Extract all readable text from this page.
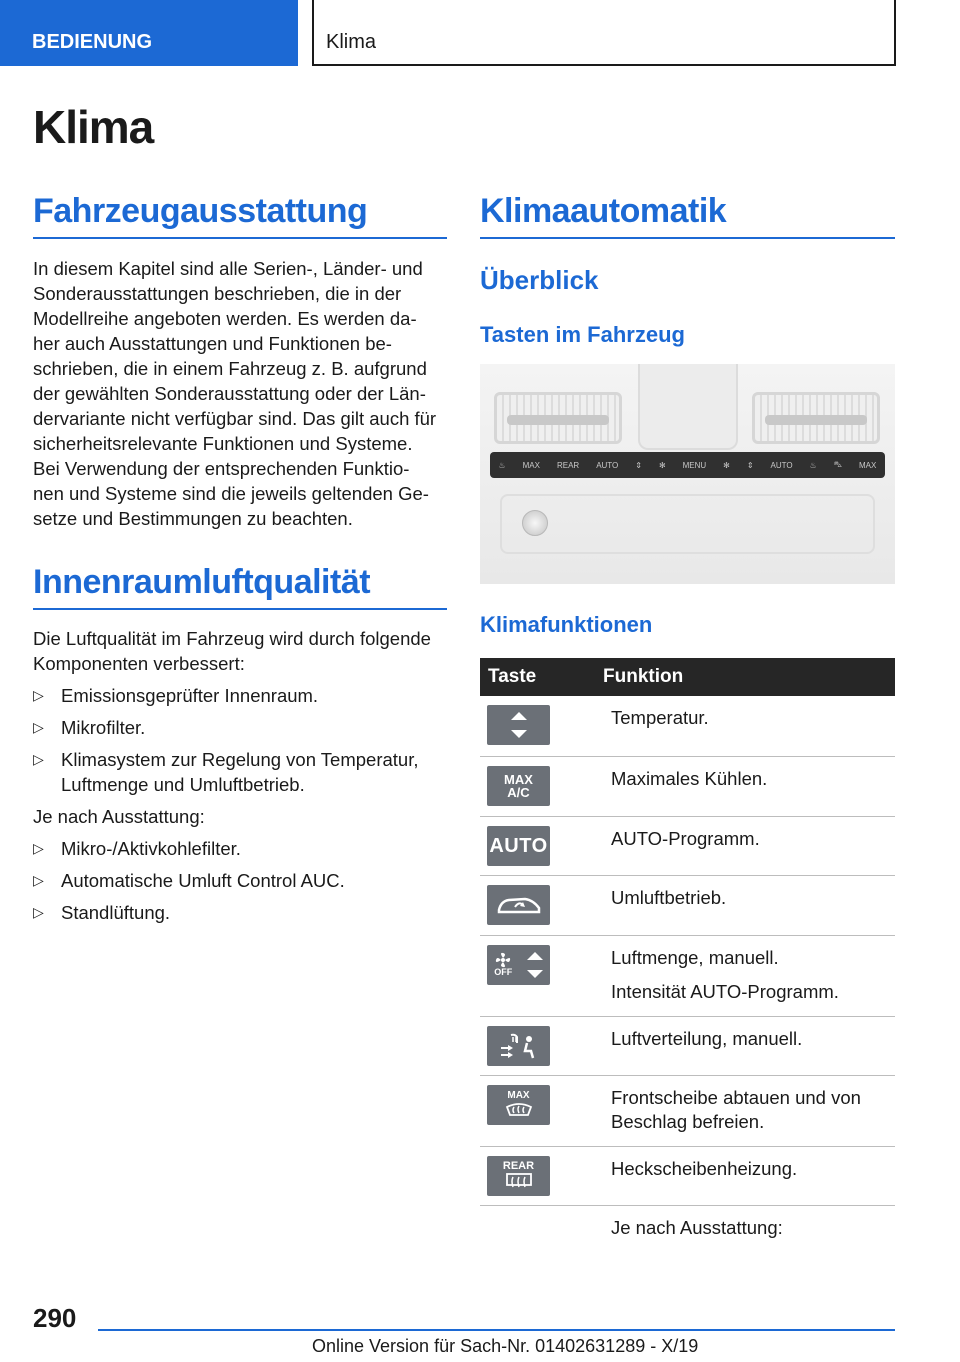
BEDIENUNG	Klima
Klima
Fahrzeugausstattung

In diesem Kapitel sind alle Serien-, Länder- und
Sonderausstattungen beschrieben, die in der
Modellreihe angeboten werden. Es werden da-
her auch Ausstattungen und Funktionen be-
schrieben, die in einem Fahrzeug z. B. aufgrund
der gewählten Sonderausstattung oder der Län-
dervariante nicht verfügbar sind. Das gilt auch für
sicherheitsrelevante Funktionen und Systeme.
Bei Verwendung der entsprechenden Funktio-
nen und Systeme sind die jeweils geltenden Ge-
setze und Bestimmungen zu beachten.

Innenraumluftqualität

Die Luftqualität im Fahrzeug wird durch folgende
Komponenten verbessert:

▷ Emissionsgeprüfter Innenraum.
▷ Mikrofilter.
▷ Klimasystem zur Regelung von Temperatur,
Luftmenge und Umluftbetrieb.

Je nach Ausstattung:

▷ Mikro-/Aktivkohlefilter.
▷ Automatische Umluft Control AUC.
▷ Standlüftung.
Klimaautomatik
Überblick
Tasten im Fahrzeug
♨ MAX REAR AUTO ⇕ ✻ MENU ✻ ⇕ AUTO ♨ ⛍ MAX
Klimafunktionen
Taste	Funktion

	Temperatur.

MAX
A/C	Maximales Kühlen.

AUTO	AUTO-Programm.

	Umluftbetrieb.

OFF	Luftmenge, manuell.
Intensität AUTO-Programm.

	Luftverteilung, manuell.

MAX	Frontscheibe abtauen und von
Beschlag befreien.

REAR	Heckscheibenheizung.
	Je nach Ausstattung:
290
Online Version für Sach-Nr. 01402631289 - X/19
